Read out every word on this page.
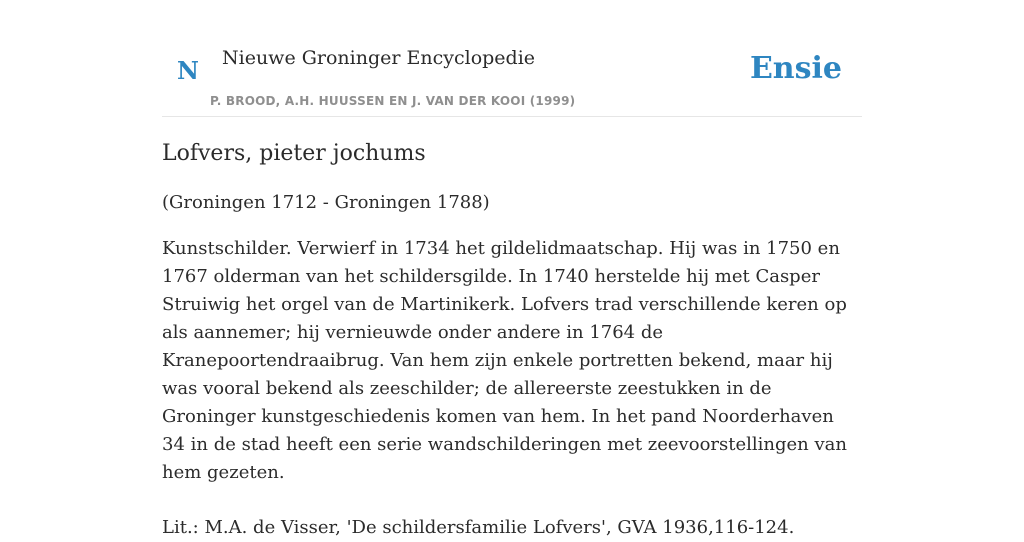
N Nieuwe Groninger Encyclopedie
P. BROOD, A.H. HUUSSEN EN J. VAN DER KOOI (1999)
Ensie
Lofvers, pieter jochums

(Groningen 1712 - Groningen 1788)

Kunstschilder. Verwierf in 1734 het gildelidmaatschap. Hij was in 1750 en 1767 olderman van het schildersgilde. In 1740 herstelde hij met Casper Struiwig het orgel van de Martinikerk. Lofvers trad verschillende keren op als aannemer; hij vernieuwde onder andere in 1764 de Kranepoortendraaibrug. Van hem zijn enkele portretten bekend, maar hij was vooral bekend als zeeschilder; de allereerste zeestukken in de Groninger kunstgeschiedenis komen van hem. In het pand Noorderhaven 34 in de stad heeft een serie wandschilderingen met zeevoorstellingen van hem gezeten.

Lit.: M.A. de Visser, 'De schildersfamilie Lofvers', GVA 1936,116-124.
